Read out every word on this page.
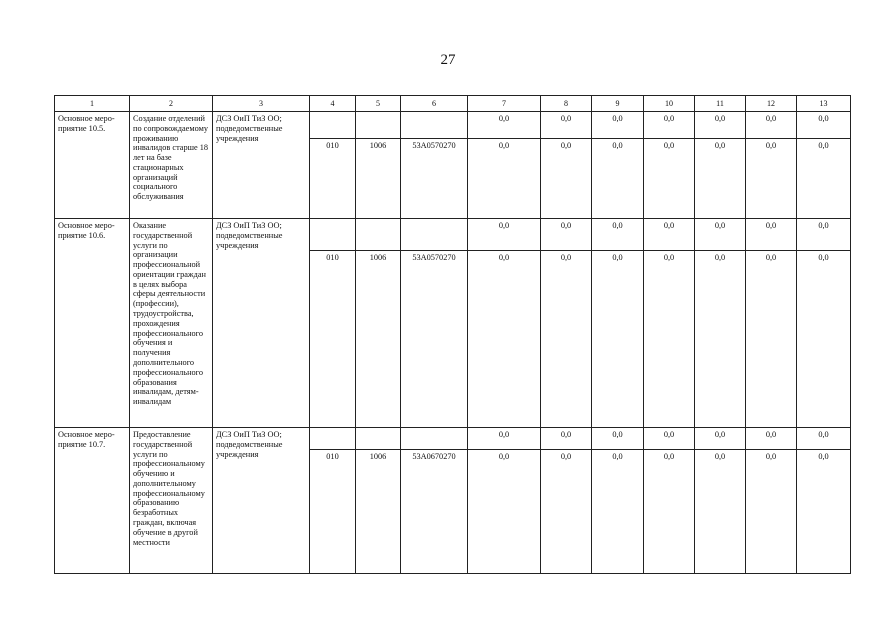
27
1	2	3	4	5	6	7	8	9	10	11	12	13
Основное меро-приятие 10.5.	Создание отделений по сопровождаемому проживанию инвалидов старше 18 лет на базе стационарных организаций социального обслуживания	ДСЗ ОиП ТиЗ ОО; подведомственные учреждения				0,0	0,0	0,0	0,0	0,0	0,0	0,0
			010	1006	53А0570270	0,0	0,0	0,0	0,0	0,0	0,0	0,0
Основное меро-приятие 10.6.	Оказание государственной услуги по организации профессиональной ориентации граждан в целях выбора сферы деятельности (профессии), трудоустройства, прохождения профессионального обучения и получения дополнительного профессионального образования инвалидам, детям-инвалидам	ДСЗ ОиП ТиЗ ОО; подведомственные учреждения				0,0	0,0	0,0	0,0	0,0	0,0	0,0
			010	1006	53А0570270	0,0	0,0	0,0	0,0	0,0	0,0	0,0
Основное меро-приятие 10.7.	Предоставление государственной услуги по профессиональному обучению и дополнительному профессиональному образованию безработных граждан, включая обучение в другой местности	ДСЗ ОиП ТиЗ ОО; подведомственные учреждения				0,0	0,0	0,0	0,0	0,0	0,0	0,0
			010	1006	53А0670270	0,0	0,0	0,0	0,0	0,0	0,0	0,0
